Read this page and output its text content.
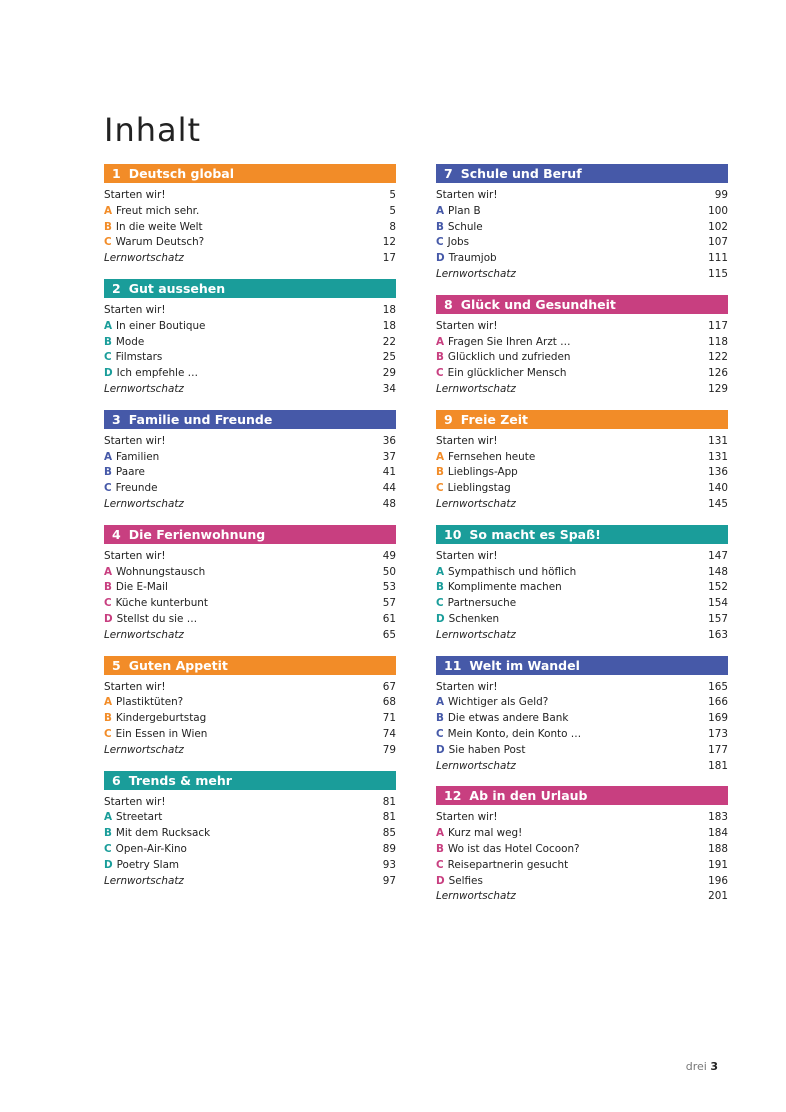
Inhalt
1 Deutsch global
Starten wir!	5
A Freut mich sehr.	5
B In die weite Welt	8
C Warum Deutsch?	12
Lernwortschatz	17
2 Gut aussehen
Starten wir!	18
A In einer Boutique	18
B Mode	22
C Filmstars	25
D Ich empfehle …	29
Lernwortschatz	34
3 Familie und Freunde
Starten wir!	36
A Familien	37
B Paare	41
C Freunde	44
Lernwortschatz	48
4 Die Ferienwohnung
Starten wir!	49
A Wohnungstausch	50
B Die E-Mail	53
C Küche kunterbunt	57
D Stellst du sie …	61
Lernwortschatz	65
5 Guten Appetit
Starten wir!	67
A Plastiktüten?	68
B Kindergeburtstag	71
C Ein Essen in Wien	74
Lernwortschatz	79
6 Trends & mehr
Starten wir!	81
A Streetart	81
B Mit dem Rucksack	85
C Open-Air-Kino	89
D Poetry Slam	93
Lernwortschatz	97
7 Schule und Beruf
Starten wir!	99
A Plan B	100
B Schule	102
C Jobs	107
D Traumjob	111
Lernwortschatz	115
8 Glück und Gesundheit
Starten wir!	117
A Fragen Sie Ihren Arzt …	118
B Glücklich und zufrieden	122
C Ein glücklicher Mensch	126
Lernwortschatz	129
9 Freie Zeit
Starten wir!	131
A Fernsehen heute	131
B Lieblings-App	136
C Lieblingstag	140
Lernwortschatz	145
10 So macht es Spaß!
Starten wir!	147
A Sympathisch und höflich	148
B Komplimente machen	152
C Partnersuche	154
D Schenken	157
Lernwortschatz	163
11 Welt im Wandel
Starten wir!	165
A Wichtiger als Geld?	166
B Die etwas andere Bank	169
C Mein Konto, dein Konto …	173
D Sie haben Post	177
Lernwortschatz	181
12 Ab in den Urlaub
Starten wir!	183
A Kurz mal weg!	184
B Wo ist das Hotel Cocoon?	188
C Reisepartnerin gesucht	191
D Selfies	196
Lernwortschatz	201
drei 3
